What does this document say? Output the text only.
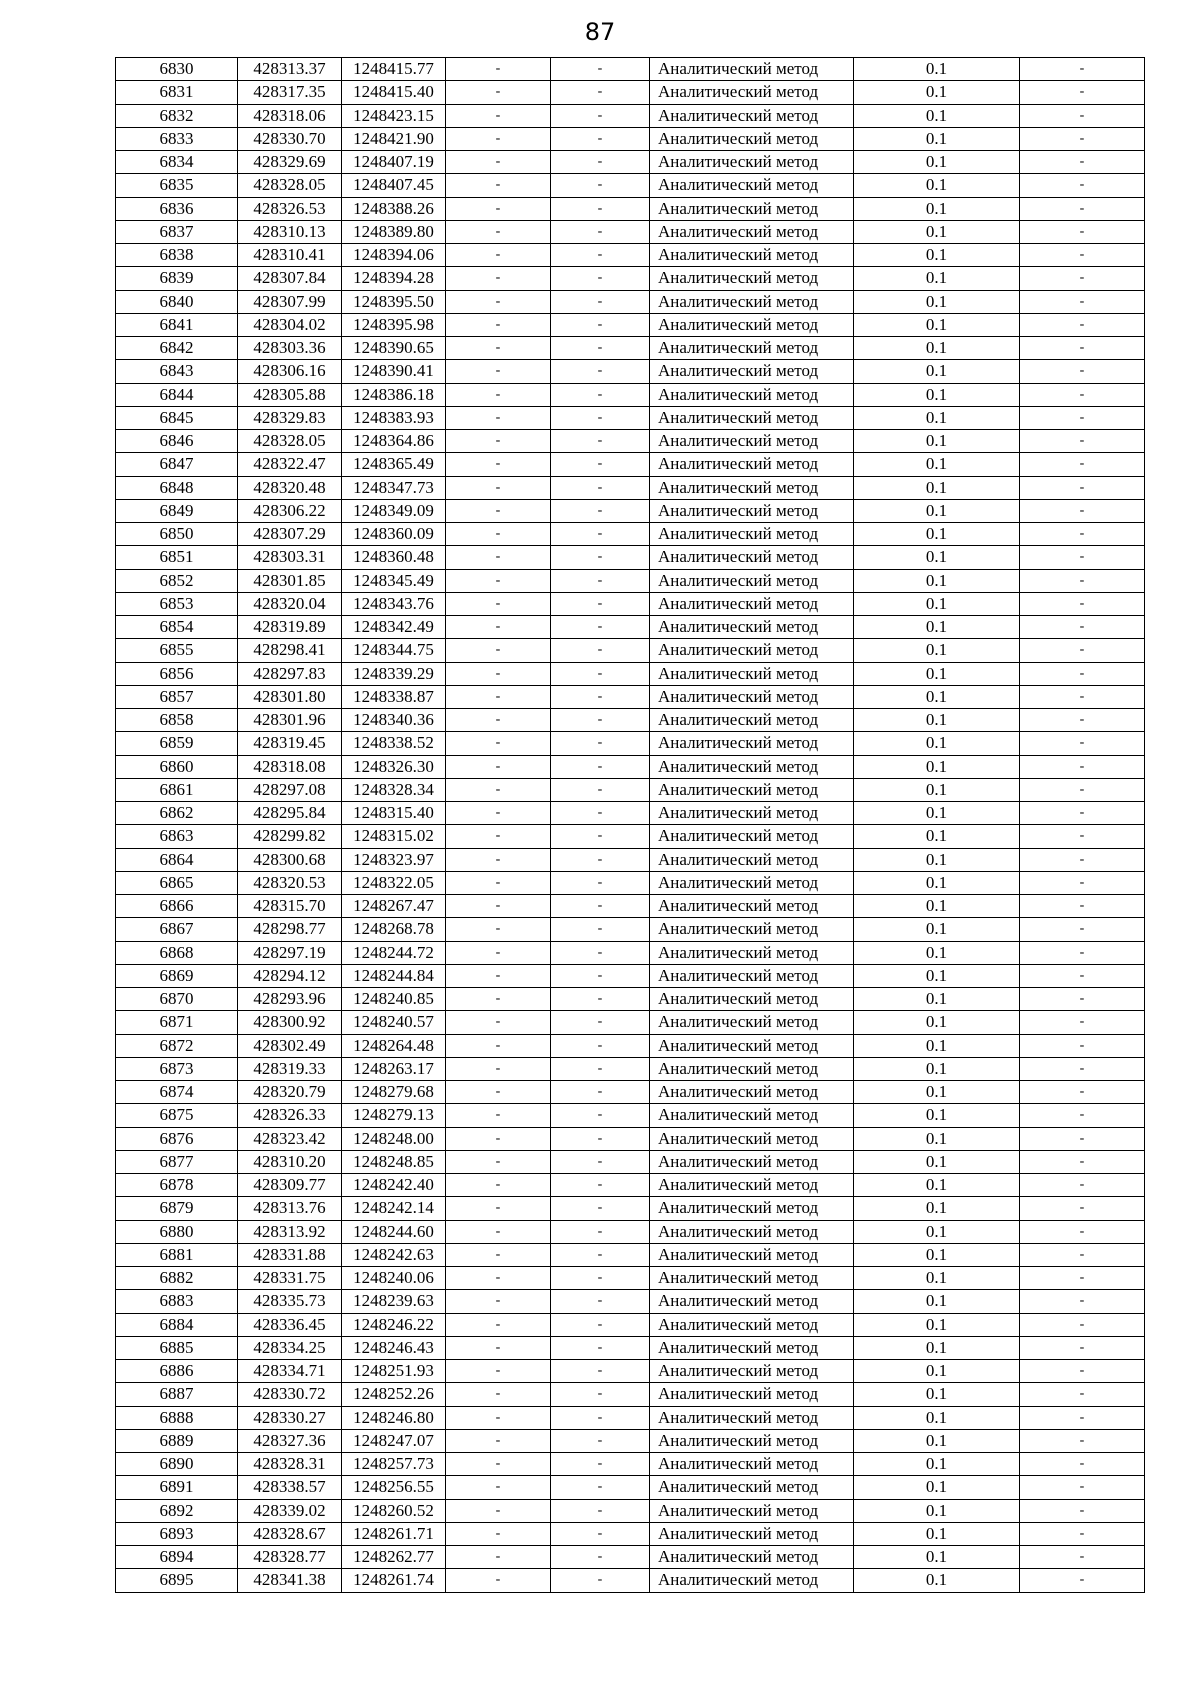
87
6830	428313.37	1248415.77	-	-	Аналитический метод	0.1	-
6831	428317.35	1248415.40	-	-	Аналитический метод	0.1	-
6832	428318.06	1248423.15	-	-	Аналитический метод	0.1	-
6833	428330.70	1248421.90	-	-	Аналитический метод	0.1	-
6834	428329.69	1248407.19	-	-	Аналитический метод	0.1	-
6835	428328.05	1248407.45	-	-	Аналитический метод	0.1	-
6836	428326.53	1248388.26	-	-	Аналитический метод	0.1	-
6837	428310.13	1248389.80	-	-	Аналитический метод	0.1	-
6838	428310.41	1248394.06	-	-	Аналитический метод	0.1	-
6839	428307.84	1248394.28	-	-	Аналитический метод	0.1	-
6840	428307.99	1248395.50	-	-	Аналитический метод	0.1	-
6841	428304.02	1248395.98	-	-	Аналитический метод	0.1	-
6842	428303.36	1248390.65	-	-	Аналитический метод	0.1	-
6843	428306.16	1248390.41	-	-	Аналитический метод	0.1	-
6844	428305.88	1248386.18	-	-	Аналитический метод	0.1	-
6845	428329.83	1248383.93	-	-	Аналитический метод	0.1	-
6846	428328.05	1248364.86	-	-	Аналитический метод	0.1	-
6847	428322.47	1248365.49	-	-	Аналитический метод	0.1	-
6848	428320.48	1248347.73	-	-	Аналитический метод	0.1	-
6849	428306.22	1248349.09	-	-	Аналитический метод	0.1	-
6850	428307.29	1248360.09	-	-	Аналитический метод	0.1	-
6851	428303.31	1248360.48	-	-	Аналитический метод	0.1	-
6852	428301.85	1248345.49	-	-	Аналитический метод	0.1	-
6853	428320.04	1248343.76	-	-	Аналитический метод	0.1	-
6854	428319.89	1248342.49	-	-	Аналитический метод	0.1	-
6855	428298.41	1248344.75	-	-	Аналитический метод	0.1	-
6856	428297.83	1248339.29	-	-	Аналитический метод	0.1	-
6857	428301.80	1248338.87	-	-	Аналитический метод	0.1	-
6858	428301.96	1248340.36	-	-	Аналитический метод	0.1	-
6859	428319.45	1248338.52	-	-	Аналитический метод	0.1	-
6860	428318.08	1248326.30	-	-	Аналитический метод	0.1	-
6861	428297.08	1248328.34	-	-	Аналитический метод	0.1	-
6862	428295.84	1248315.40	-	-	Аналитический метод	0.1	-
6863	428299.82	1248315.02	-	-	Аналитический метод	0.1	-
6864	428300.68	1248323.97	-	-	Аналитический метод	0.1	-
6865	428320.53	1248322.05	-	-	Аналитический метод	0.1	-
6866	428315.70	1248267.47	-	-	Аналитический метод	0.1	-
6867	428298.77	1248268.78	-	-	Аналитический метод	0.1	-
6868	428297.19	1248244.72	-	-	Аналитический метод	0.1	-
6869	428294.12	1248244.84	-	-	Аналитический метод	0.1	-
6870	428293.96	1248240.85	-	-	Аналитический метод	0.1	-
6871	428300.92	1248240.57	-	-	Аналитический метод	0.1	-
6872	428302.49	1248264.48	-	-	Аналитический метод	0.1	-
6873	428319.33	1248263.17	-	-	Аналитический метод	0.1	-
6874	428320.79	1248279.68	-	-	Аналитический метод	0.1	-
6875	428326.33	1248279.13	-	-	Аналитический метод	0.1	-
6876	428323.42	1248248.00	-	-	Аналитический метод	0.1	-
6877	428310.20	1248248.85	-	-	Аналитический метод	0.1	-
6878	428309.77	1248242.40	-	-	Аналитический метод	0.1	-
6879	428313.76	1248242.14	-	-	Аналитический метод	0.1	-
6880	428313.92	1248244.60	-	-	Аналитический метод	0.1	-
6881	428331.88	1248242.63	-	-	Аналитический метод	0.1	-
6882	428331.75	1248240.06	-	-	Аналитический метод	0.1	-
6883	428335.73	1248239.63	-	-	Аналитический метод	0.1	-
6884	428336.45	1248246.22	-	-	Аналитический метод	0.1	-
6885	428334.25	1248246.43	-	-	Аналитический метод	0.1	-
6886	428334.71	1248251.93	-	-	Аналитический метод	0.1	-
6887	428330.72	1248252.26	-	-	Аналитический метод	0.1	-
6888	428330.27	1248246.80	-	-	Аналитический метод	0.1	-
6889	428327.36	1248247.07	-	-	Аналитический метод	0.1	-
6890	428328.31	1248257.73	-	-	Аналитический метод	0.1	-
6891	428338.57	1248256.55	-	-	Аналитический метод	0.1	-
6892	428339.02	1248260.52	-	-	Аналитический метод	0.1	-
6893	428328.67	1248261.71	-	-	Аналитический метод	0.1	-
6894	428328.77	1248262.77	-	-	Аналитический метод	0.1	-
6895	428341.38	1248261.74	-	-	Аналитический метод	0.1	-
